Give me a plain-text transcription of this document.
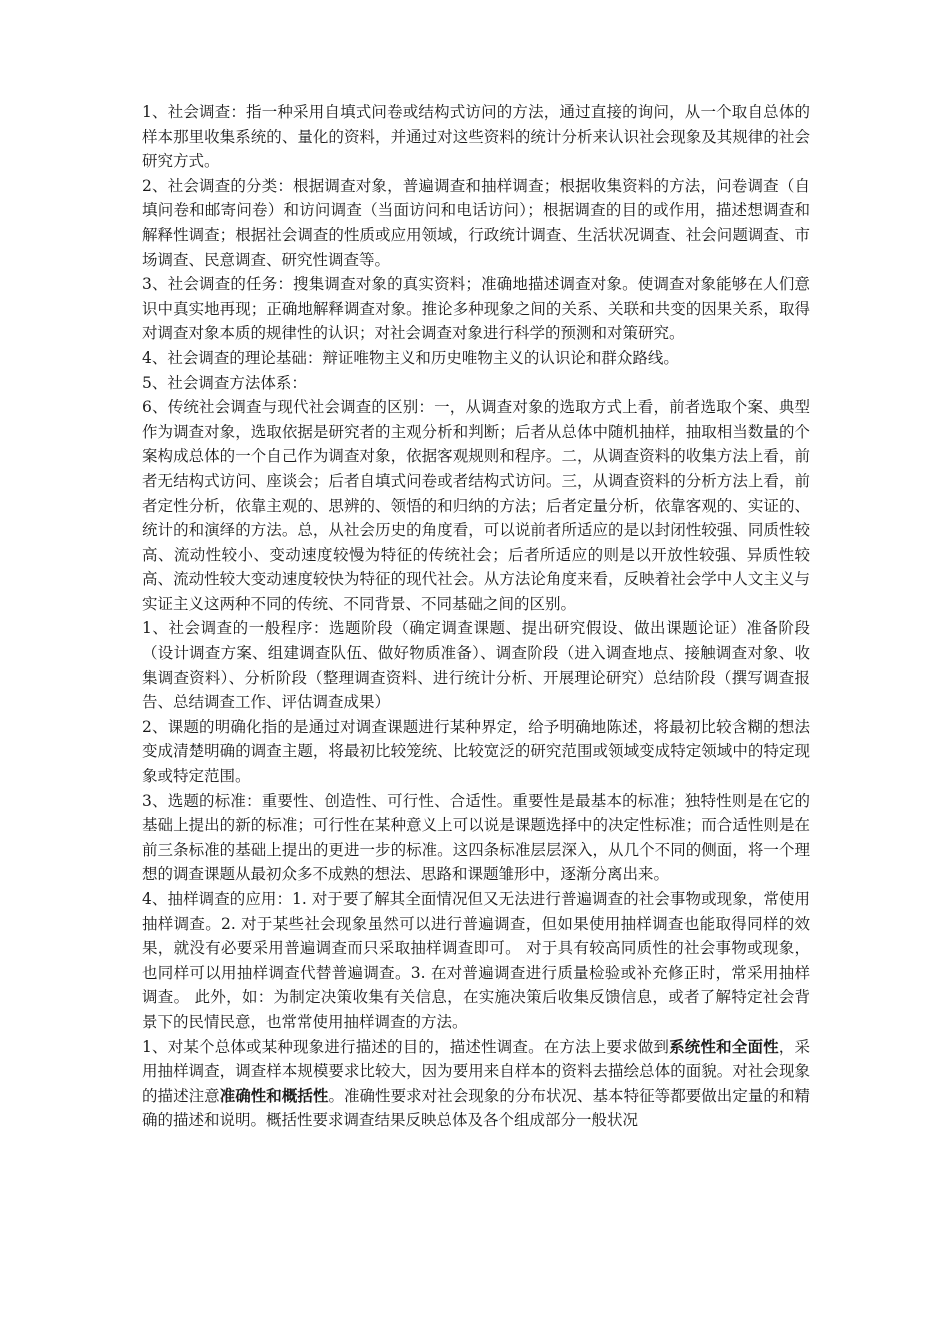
1、社会调查：指一种采用自填式问卷或结构式访问的方法，通过直接的询问，从一个取自总体的样本那里收集系统的、量化的资料，并通过对这些资料的统计分析来认识社会现象及其规律的社会研究方式。

2、社会调查的分类：根据调查对象，普遍调查和抽样调查；根据收集资料的方法，问卷调查（自填问卷和邮寄问卷）和访问调查（当面访问和电话访问）；根据调查的目的或作用，描述想调查和解释性调查；根据社会调查的性质或应用领域，行政统计调查、生活状况调查、社会问题调查、市场调查、民意调查、研究性调查等。

3、社会调查的任务：搜集调查对象的真实资料；准确地描述调查对象。使调查对象能够在人们意识中真实地再现；正确地解释调查对象。推论多种现象之间的关系、关联和共变的因果关系，取得对调查对象本质的规律性的认识；对社会调查对象进行科学的预测和对策研究。

4、社会调查的理论基础：辩证唯物主义和历史唯物主义的认识论和群众路线。

5、社会调查方法体系：

6、传统社会调查与现代社会调查的区别：一，从调查对象的选取方式上看，前者选取个案、典型作为调查对象，选取依据是研究者的主观分析和判断；后者从总体中随机抽样，抽取相当数量的个案构成总体的一个自己作为调查对象，依据客观规则和程序。二，从调查资料的收集方法上看，前者无结构式访问、座谈会；后者自填式问卷或者结构式访问。三，从调查资料的分析方法上看，前者定性分析，依靠主观的、思辨的、领悟的和归纳的方法；后者定量分析，依靠客观的、实证的、统计的和演绎的方法。总，从社会历史的角度看，可以说前者所适应的是以封闭性较强、同质性较高、流动性较小、变动速度较慢为特征的传统社会；后者所适应的则是以开放性较强、异质性较高、流动性较大变动速度较快为特征的现代社会。从方法论角度来看，反映着社会学中人文主义与实证主义这两种不同的传统、不同背景、不同基础之间的区别。

1、社会调查的一般程序：选题阶段（确定调查课题、提出研究假设、做出课题论证）准备阶段（设计调查方案、组建调查队伍、做好物质准备）、调查阶段（进入调查地点、接触调查对象、收集调查资料）、分析阶段（整理调查资料、进行统计分析、开展理论研究）总结阶段（撰写调查报告、总结调查工作、评估调查成果）

2、课题的明确化指的是通过对调查课题进行某种界定，给予明确地陈述，将最初比较含糊的想法变成清楚明确的调查主题，将最初比较笼统、比较宽泛的研究范围或领域变成特定领域中的特定现象或特定范围。

3、选题的标准：重要性、创造性、可行性、合适性。重要性是最基本的标准；独特性则是在它的基础上提出的新的标准；可行性在某种意义上可以说是课题选择中的决定性标准；而合适性则是在前三条标准的基础上提出的更进一步的标准。这四条标准层层深入，从几个不同的侧面，将一个理想的调查课题从最初众多不成熟的想法、思路和课题雏形中，逐渐分离出来。

4、抽样调查的应用：1. 对于要了解其全面情况但又无法进行普遍调查的社会事物或现象，常使用抽样调查。2. 对于某些社会现象虽然可以进行普遍调查，但如果使用抽样调查也能取得同样的效果，就没有必要采用普遍调查而只采取抽样调查即可。 对于具有较高同质性的社会事物或现象，也同样可以用抽样调查代替普遍调查。3. 在对普遍调查进行质量检验或补充修正时，常采用抽样调查。 此外，如：为制定决策收集有关信息，在实施决策后收集反馈信息，或者了解特定社会背景下的民情民意，也常常使用抽样调查的方法。

1、对某个总体或某种现象进行描述的目的，描述性调查。在方法上要求做到系统性和全面性，采用抽样调查，调查样本规模要求比较大，因为要用来自样本的资料去描绘总体的面貌。对社会现象的描述注意准确性和概括性。准确性要求对社会现象的分布状况、基本特征等都要做出定量的和精确的描述和说明。概括性要求调查结果反映总体及各个组成部分一般状况
